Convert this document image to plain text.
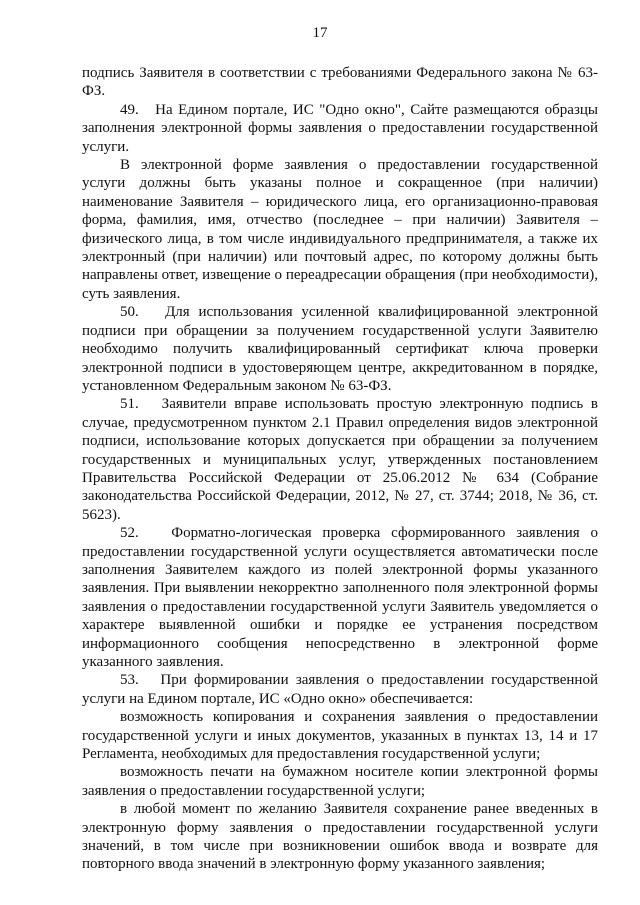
17

подпись Заявителя в соответствии с требованиями Федерального закона № 63-ФЗ.

49.   На Едином портале, ИС "Одно окно", Сайте размещаются образцы заполнения электронной формы заявления о предоставлении государственной услуги.

В электронной форме заявления о предоставлении государственной услуги должны быть указаны полное и сокращенное (при наличии) наименование Заявителя – юридического лица, его организационно-правовая форма, фамилия, имя, отчество (последнее – при наличии) Заявителя – физического лица, в том числе индивидуального предпринимателя, а также их электронный (при наличии) или почтовый адрес, по которому должны быть направлены ответ, извещение о переадресации обращения (при необходимости), суть заявления.

50.   Для использования усиленной квалифицированной электронной подписи при обращении за получением государственной услуги Заявителю необходимо получить квалифицированный сертификат ключа проверки электронной подписи в удостоверяющем центре, аккредитованном в порядке, установленном Федеральным законом № 63-ФЗ.

51.   Заявители вправе использовать простую электронную подпись в случае, предусмотренном пунктом 2.1 Правил определения видов электронной подписи, использование которых допускается при обращении за получением государственных и муниципальных услуг, утвержденных постановлением Правительства Российской Федерации от 25.06.2012 № 634 (Собрание законодательства Российской Федерации, 2012, № 27, ст. 3744; 2018, № 36, ст. 5623).

52.   Форматно-логическая проверка сформированного заявления о предоставлении государственной услуги осуществляется автоматически после заполнения Заявителем каждого из полей электронной формы указанного заявления. При выявлении некорректно заполненного поля электронной формы заявления о предоставлении государственной услуги Заявитель уведомляется о характере выявленной ошибки и порядке ее устранения посредством информационного сообщения непосредственно в электронной форме указанного заявления.

53.   При формировании заявления о предоставлении государственной услуги на Едином портале, ИС «Одно окно» обеспечивается:

возможность копирования и сохранения заявления о предоставлении государственной услуги и иных документов, указанных в пунктах 13, 14 и 17 Регламента, необходимых для предоставления государственной услуги;

возможность печати на бумажном носителе копии электронной формы заявления о предоставлении государственной услуги;

в любой момент по желанию Заявителя сохранение ранее введенных в электронную форму заявления о предоставлении государственной услуги значений, в том числе при возникновении ошибок ввода и возврате для повторного ввода значений в электронную форму указанного заявления;
